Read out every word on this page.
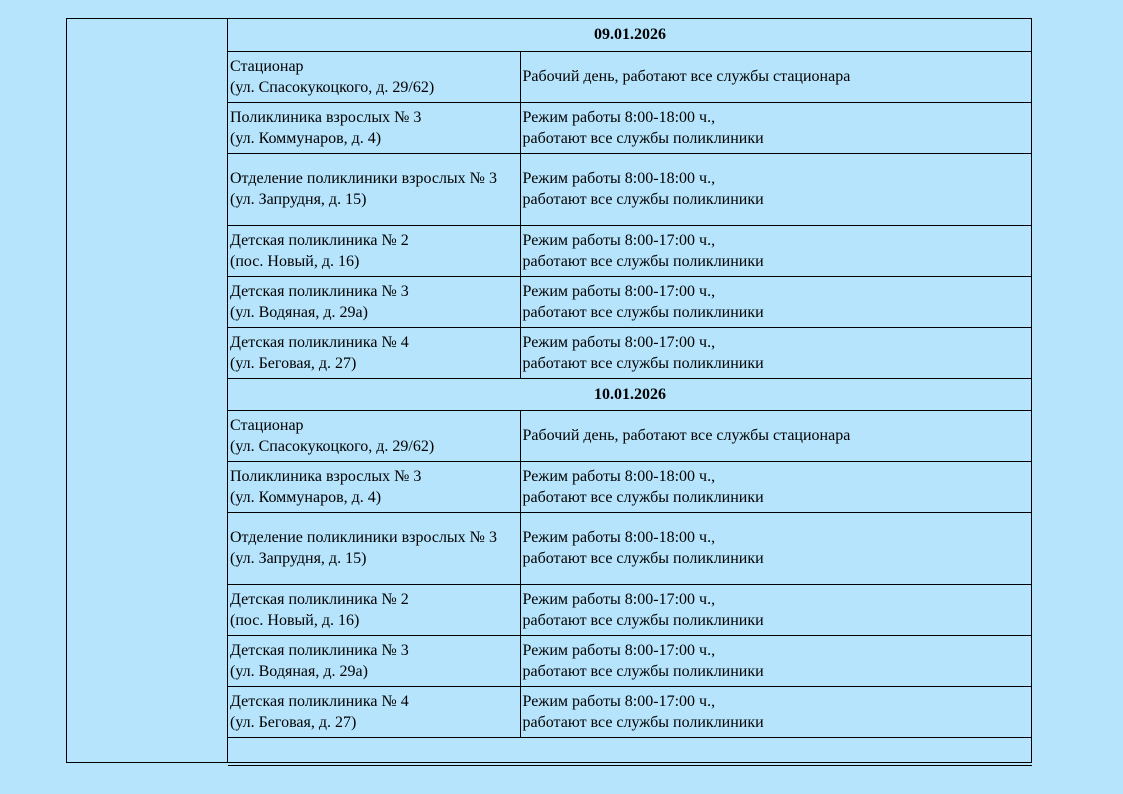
09.01.2026	

Стационар
(ул. Спасокукоцкого, д. 29/62)	Рабочий день, работают все службы стационара

Поликлиника взрослых № 3
(ул. Коммунаров, д. 4)	Режим работы 8:00-18:00 ч.,
работают все службы поликлиники

Отделение поликлиники взрослых № 3
(ул. Запрудня, д. 15)	Режим работы 8:00-18:00 ч.,
работают все службы поликлиники

Детская поликлиника № 2
(пос. Новый, д. 16)	Режим работы 8:00-17:00 ч.,
работают все службы поликлиники

Детская поликлиника № 3
(ул. Водяная, д. 29а)	Режим работы 8:00-17:00 ч.,
работают все службы поликлиники

Детская поликлиника № 4
(ул. Беговая, д. 27)	Режим работы 8:00-17:00 ч.,
работают все службы поликлиники

10.01.2026	

Стационар
(ул. Спасокукоцкого, д. 29/62)	Рабочий день, работают все службы стационара

Поликлиника взрослых № 3
(ул. Коммунаров, д. 4)	Режим работы 8:00-18:00 ч.,
работают все службы поликлиники

Отделение поликлиники взрослых № 3
(ул. Запрудня, д. 15)	Режим работы 8:00-18:00 ч.,
работают все службы поликлиники

Детская поликлиника № 2
(пос. Новый, д. 16)	Режим работы 8:00-17:00 ч.,
работают все службы поликлиники

Детская поликлиника № 3
(ул. Водяная, д. 29а)	Режим работы 8:00-17:00 ч.,
работают все службы поликлиники

Детская поликлиника № 4
(ул. Беговая, д. 27)	Режим работы 8:00-17:00 ч.,
работают все службы поликлиники
